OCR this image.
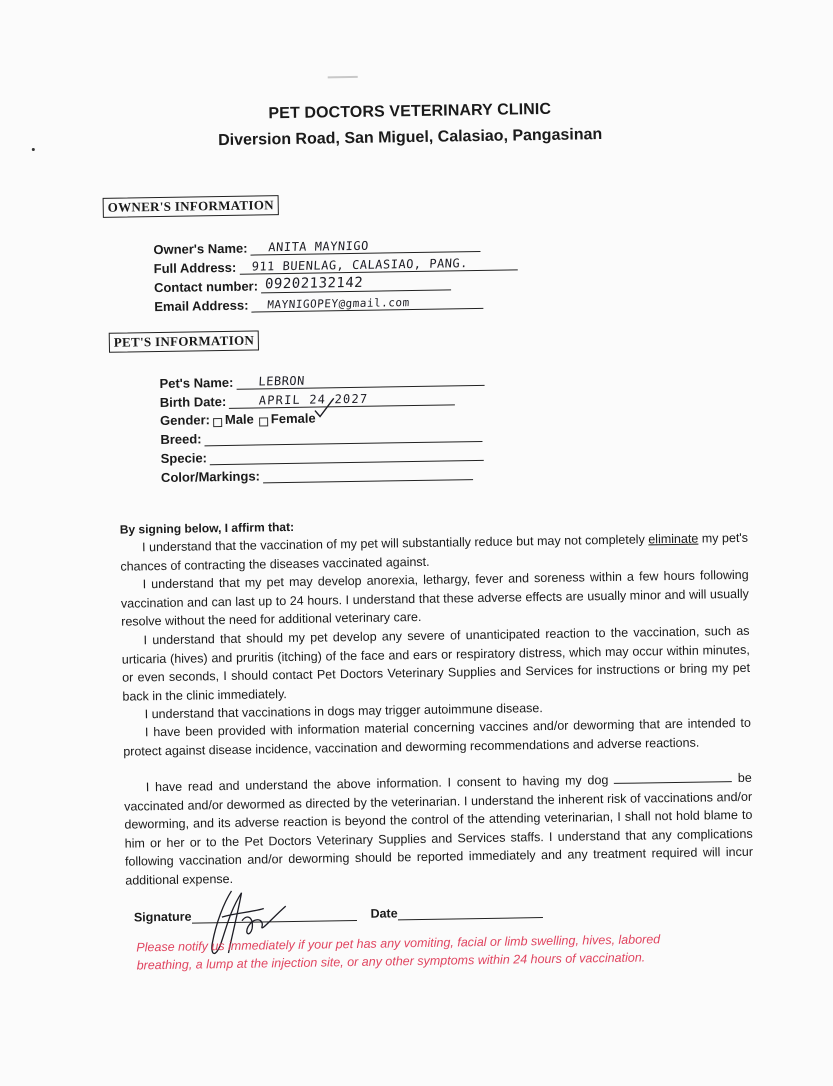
PET DOCTORS VETERINARY CLINIC
Diversion Road, San Miguel, Calasiao, Pangasinan
OWNER'S INFORMATION
Owner's Name: ANITA MAYNIGO
Full Address: 911 BUENLAG, CALASIAO, PANG.
Contact number: 09202132142
Email Address: MAYNIGOPEY@gmail.com
PET'S INFORMATION
Pet's Name: LEBRON
Birth Date:	APRIL 24 2027
Gender: Male Female
Breed:
Specie:
Color/Markings:
By signing below, I affirm that:
I understand that the vaccination of my pet will substantially reduce but may not completely eliminate my pet's chances of contracting the diseases vaccinated against.
I understand that my pet may develop anorexia, lethargy, fever and soreness within a few hours following vaccination and can last up to 24 hours. I understand that these adverse effects are usually minor and will usually resolve without the need for additional veterinary care.
I understand that should my pet develop any severe of unanticipated reaction to the vaccination, such as urticaria (hives) and pruritis (itching) of the face and ears or respiratory distress, which may occur within minutes, or even seconds, I should contact Pet Doctors Veterinary Supplies and Services for instructions or bring my pet back in the clinic immediately.
I understand that vaccinations in dogs may trigger autoimmune disease.
I have been provided with information material concerning vaccines and/or deworming that are intended to protect against disease incidence, vaccination and deworming recommendations and adverse reactions.
I have read and understand the above information. I consent to having my dog	be vaccinated and/or dewormed as directed by the veterinarian. I understand the inherent risk of vaccinations and/or deworming, and its adverse reaction is beyond the control of the attending veterinarian, I shall not hold blame to him or her or to the Pet Doctors Veterinary Supplies and Services staffs. I understand that any complications following vaccination and/or deworming should be reported immediately and any treatment required will incur additional expense.
Signature	Date
Please notify us immediately if your pet has any vomiting, facial or limb swelling, hives, labored breathing, a lump at the injection site, or any other symptoms within 24 hours of vaccination.
